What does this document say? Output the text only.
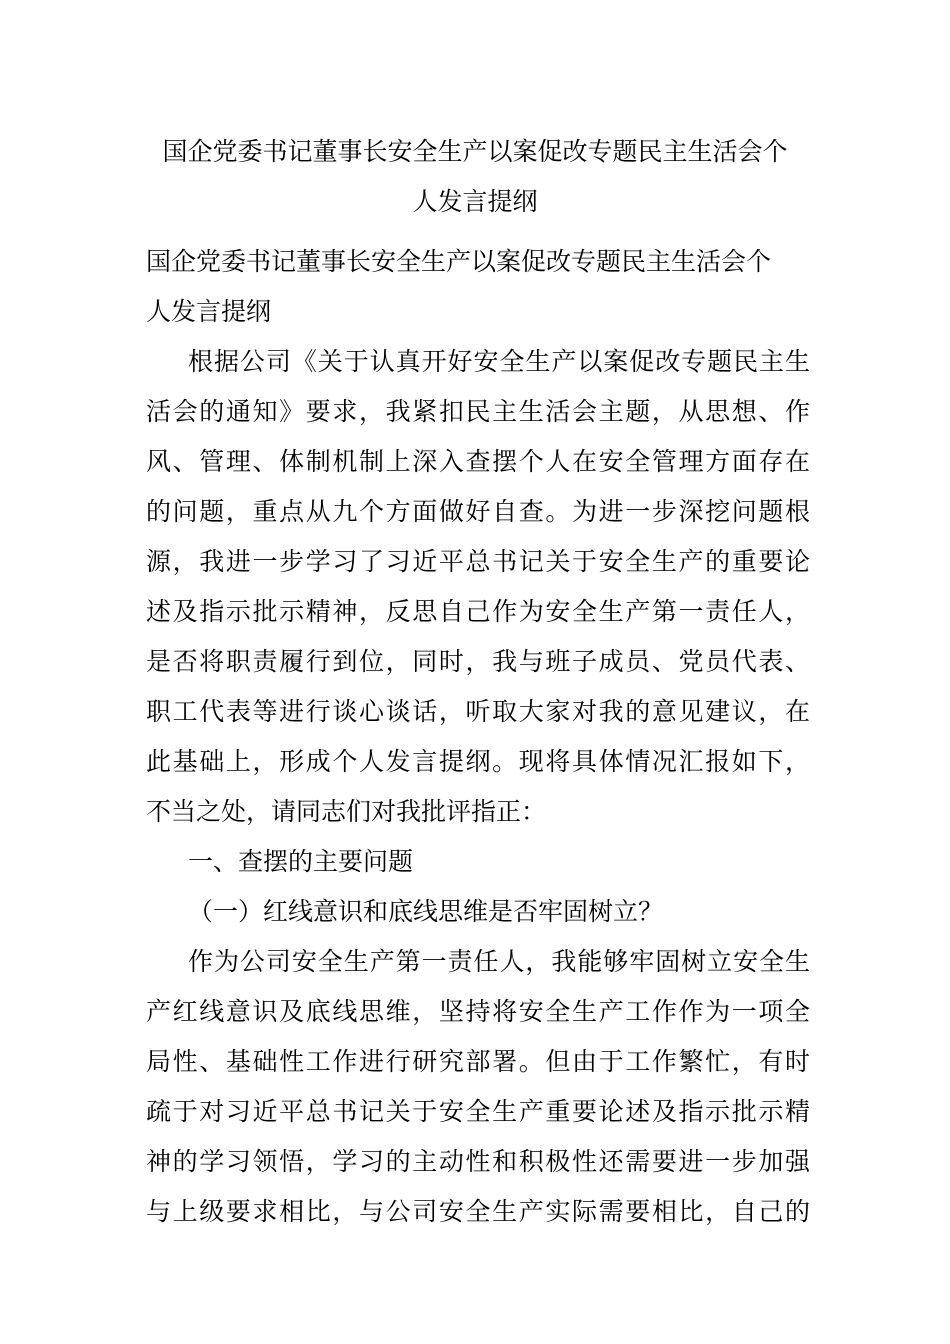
国企党委书记董事长安全生产以案促改专题民主生活会个
人发言提纲
国企党委书记董事长安全生产以案促改专题民主生活会个
人发言提纲
根据公司《关于认真开好安全生产以案促改专题民主生
活会的通知》要求，我紧扣民主生活会主题，从思想、作
风、管理、体制机制上深入查摆个人在安全管理方面存在
的问题，重点从九个方面做好自查。为进一步深挖问题根
源，我进一步学习了习近平总书记关于安全生产的重要论
述及指示批示精神，反思自己作为安全生产第一责任人，
是否将职责履行到位，同时，我与班子成员、党员代表、
职工代表等进行谈心谈话，听取大家对我的意见建议，在
此基础上，形成个人发言提纲。现将具体情况汇报如下，
不当之处，请同志们对我批评指正：
一、查摆的主要问题
（一）红线意识和底线思维是否牢固树立？
作为公司安全生产第一责任人，我能够牢固树立安全生
产红线意识及底线思维，坚持将安全生产工作作为一项全
局性、基础性工作进行研究部署。但由于工作繁忙，有时
疏于对习近平总书记关于安全生产重要论述及指示批示精
神的学习领悟，学习的主动性和积极性还需要进一步加强
与上级要求相比，与公司安全生产实际需要相比，自己的
